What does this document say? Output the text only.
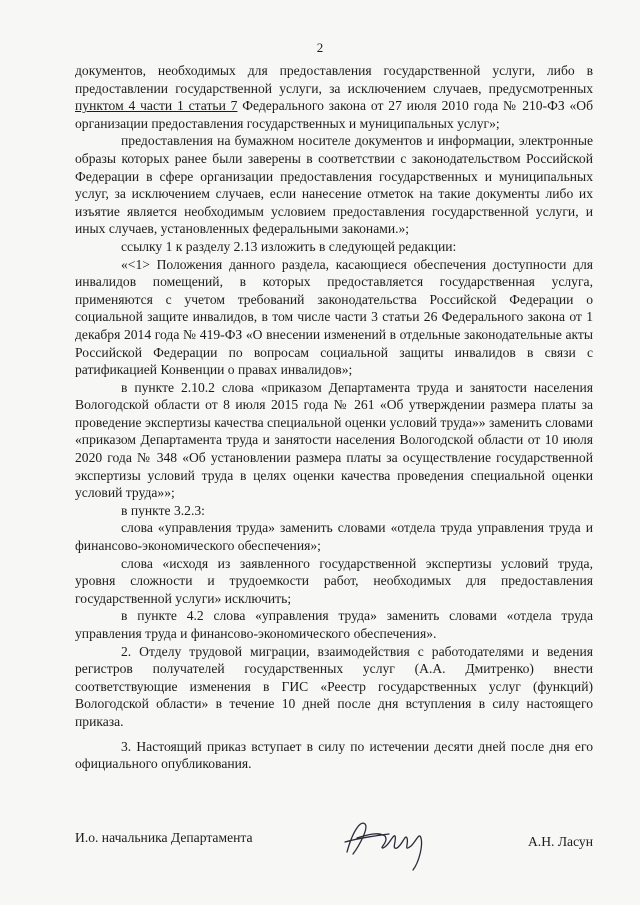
2

документов, необходимых для предоставления государственной услуги, либо в предоставлении государственной услуги, за исключением случаев, предусмотренных пунктом 4 части 1 статьи 7 Федерального закона от 27 июля 2010 года № 210-ФЗ «Об организации предоставления государственных и муниципальных услуг»;

предоставления на бумажном носителе документов и информации, электронные образы которых ранее были заверены в соответствии с законодательством Российской Федерации в сфере организации предоставления государственных и муниципальных услуг, за исключением случаев, если нанесение отметок на такие документы либо их изъятие является необходимым условием предоставления государственной услуги, и иных случаев, установленных федеральными законами.»;

ссылку 1 к разделу 2.13 изложить в следующей редакции:

«<1> Положения данного раздела, касающиеся обеспечения доступности для инвалидов помещений, в которых предоставляется государственная услуга, применяются с учетом требований законодательства Российской Федерации о социальной защите инвалидов, в том числе части 3 статьи 26 Федерального закона от 1 декабря 2014 года № 419-ФЗ «О внесении изменений в отдельные законодательные акты Российской Федерации по вопросам социальной защиты инвалидов в связи с ратификацией Конвенции о правах инвалидов»;

в пункте 2.10.2 слова «приказом Департамента труда и занятости населения Вологодской области от 8 июля 2015 года № 261 «Об утверждении размера платы за проведение экспертизы качества специальной оценки условий труда»» заменить словами «приказом Департамента труда и занятости населения Вологодской области от 10 июля 2020 года № 348 «Об установлении размера платы за осуществление государственной экспертизы условий труда в целях оценки качества проведения специальной оценки условий труда»»;

в пункте 3.2.3:

слова «управления труда» заменить словами «отдела труда управления труда и финансово-экономического обеспечения»;

слова «исходя из заявленного государственной экспертизы условий труда, уровня сложности и трудоемкости работ, необходимых для предоставления государственной услуги» исключить;

в пункте 4.2 слова «управления труда» заменить словами «отдела труда управления труда и финансово-экономического обеспечения».

2. Отделу трудовой миграции, взаимодействия с работодателями и ведения регистров получателей государственных услуг (А.А. Дмитренко) внести соответствующие изменения в ГИС «Реестр государственных услуг (функций) Вологодской области» в течение 10 дней после дня вступления в силу настоящего приказа.

3. Настоящий приказ вступает в силу по истечении десяти дней после дня его официального опубликования.

И.о. начальника Департамента	А.Н. Ласун
